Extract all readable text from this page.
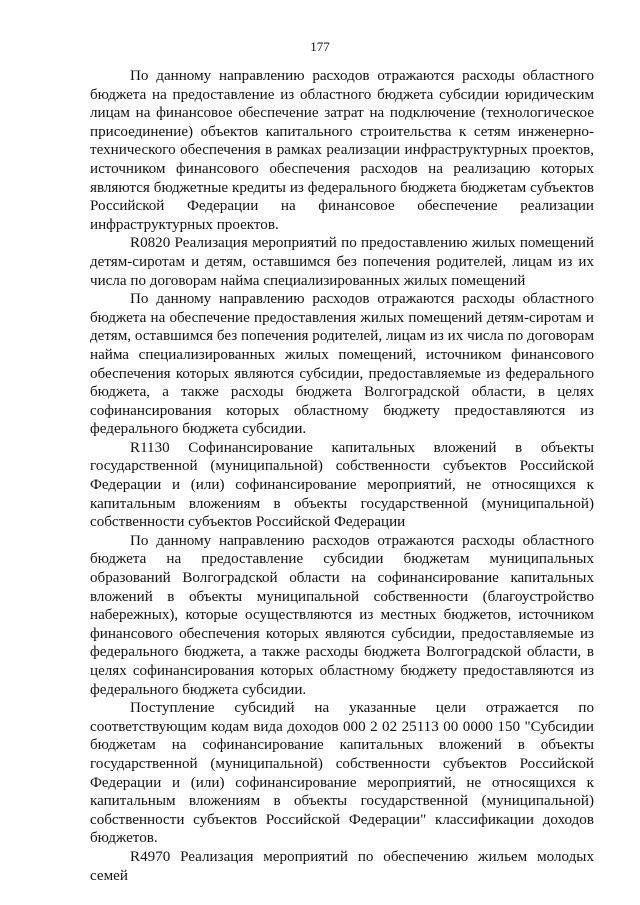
177

По данному направлению расходов отражаются расходы областного бюджета на предоставление из областного бюджета субсидии юридическим лицам на финансовое обеспечение затрат на подключение (технологическое присоединение) объектов капитального строительства к сетям инженерно-технического обеспечения в рамках реализации инфраструктурных проектов, источником финансового обеспечения расходов на реализацию которых являются бюджетные кредиты из федерального бюджета бюджетам субъектов Российской Федерации на финансовое обеспечение реализации инфраструктурных проектов.

R0820 Реализация мероприятий по предоставлению жилых помещений детям-сиротам и детям, оставшимся без попечения родителей, лицам из их числа по договорам найма специализированных жилых помещений

По данному направлению расходов отражаются расходы областного бюджета на обеспечение предоставления жилых помещений детям-сиротам и детям, оставшимся без попечения родителей, лицам из их числа по договорам найма специализированных жилых помещений, источником финансового обеспечения которых являются субсидии, предоставляемые из федерального бюджета, а также расходы бюджета Волгоградской области, в целях софинансирования которых областному бюджету предоставляются из федерального бюджета субсидии.

R1130 Софинансирование капитальных вложений в объекты государственной (муниципальной) собственности субъектов Российской Федерации и (или) софинансирование мероприятий, не относящихся к капитальным вложениям в объекты государственной (муниципальной) собственности субъектов Российской Федерации

По данному направлению расходов отражаются расходы областного бюджета на предоставление субсидии бюджетам муниципальных образований Волгоградской области на софинансирование капитальных вложений в объекты муниципальной собственности (благоустройство набережных), которые осуществляются из местных бюджетов, источником финансового обеспечения которых являются субсидии, предоставляемые из федерального бюджета, а также расходы бюджета Волгоградской области, в целях софинансирования которых областному бюджету предоставляются из федерального бюджета субсидии.

Поступление субсидий на указанные цели отражается по соответствующим кодам вида доходов 000 2 02 25113 00 0000 150 "Субсидии бюджетам на софинансирование капитальных вложений в объекты государственной (муниципальной) собственности субъектов Российской Федерации и (или) софинансирование мероприятий, не относящихся к капитальным вложениям в объекты государственной (муниципальной) собственности субъектов Российской Федерации" классификации доходов бюджетов.

R4970 Реализация мероприятий по обеспечению жильем молодых семей
